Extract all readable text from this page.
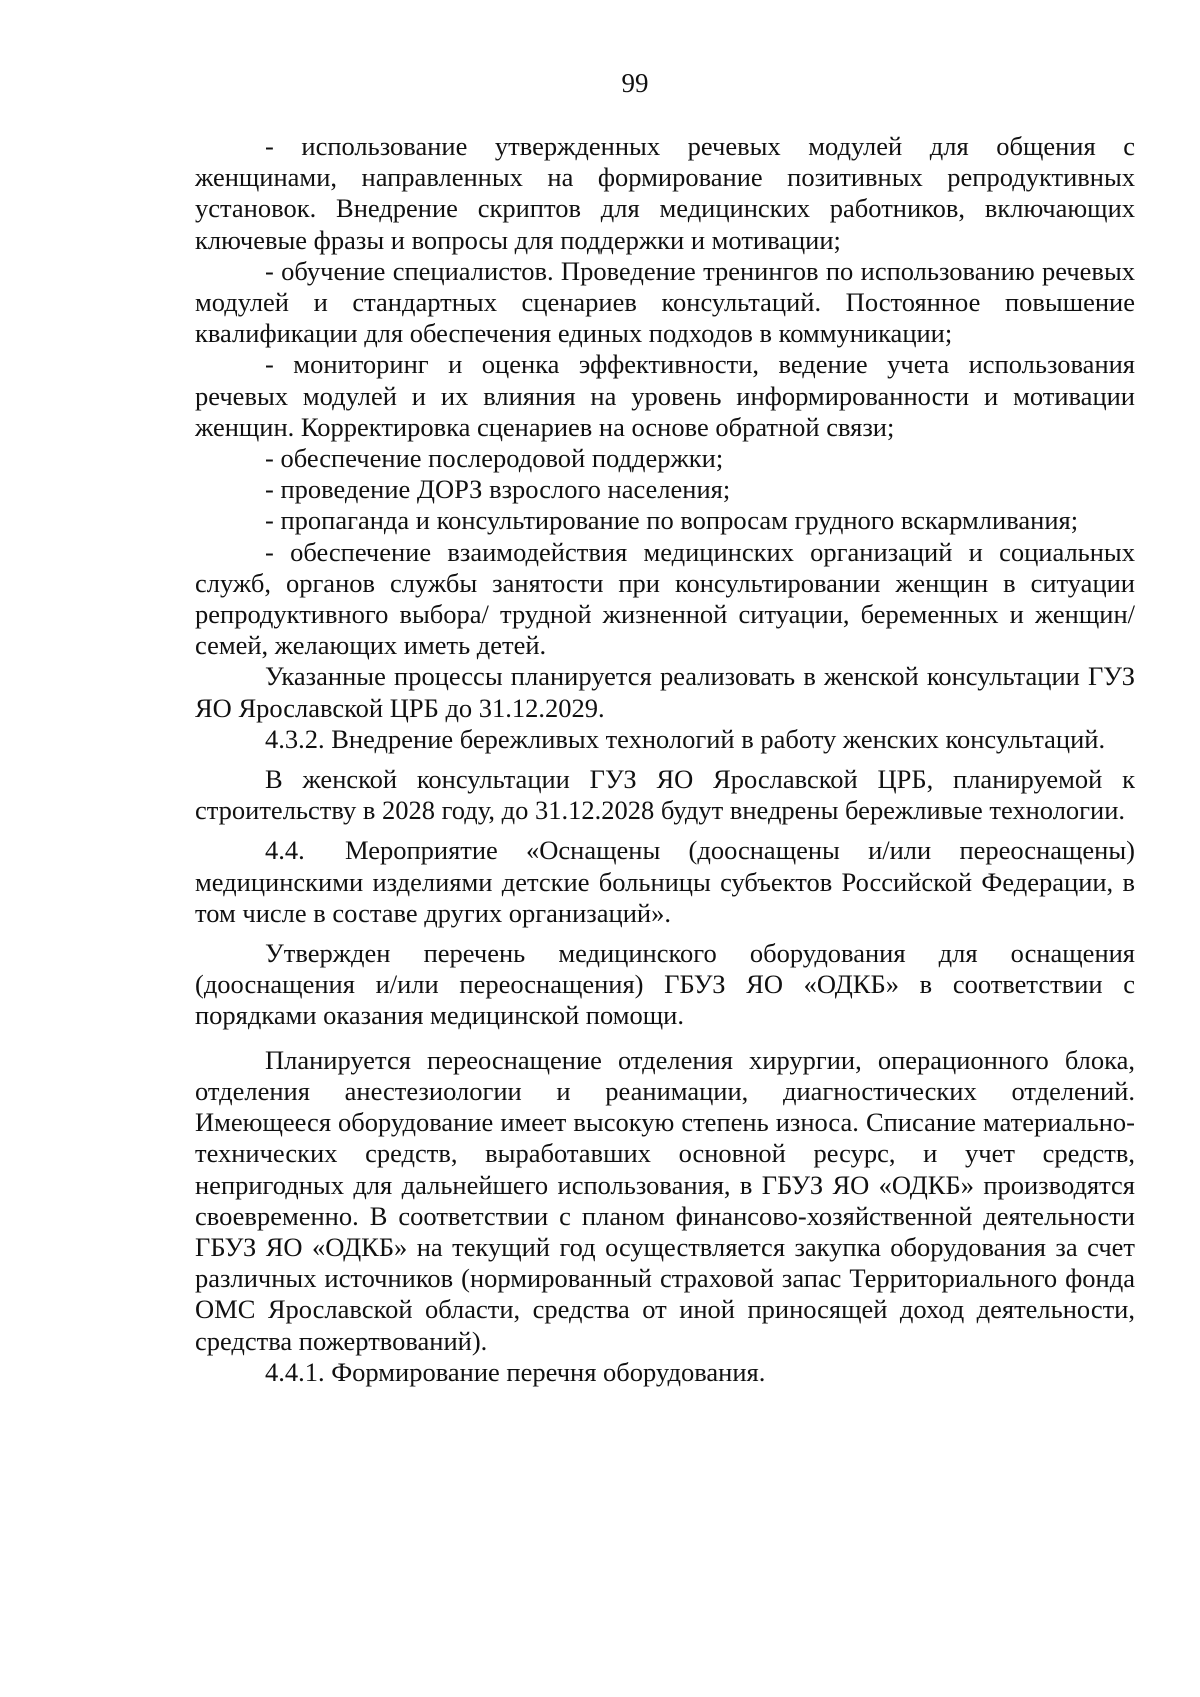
99

- использование утвержденных речевых модулей для общения с женщинами, направленных на формирование позитивных репродуктивных установок. Внедрение скриптов для медицинских работников, включающих ключевые фразы и вопросы для поддержки и мотивации;

- обучение специалистов. Проведение тренингов по использованию речевых модулей и стандартных сценариев консультаций. Постоянное повышение квалификации для обеспечения единых подходов в коммуникации;

- мониторинг и оценка эффективности, ведение учета использования речевых модулей и их влияния на уровень информированности и мотивации женщин. Корректировка сценариев на основе обратной связи;

- обеспечение послеродовой поддержки;

- проведение ДОРЗ взрослого населения;

- пропаганда и консультирование по вопросам грудного вскармливания;

- обеспечение взаимодействия медицинских организаций и социальных служб, органов службы занятости при консультировании женщин в ситуации репродуктивного выбора/ трудной жизненной ситуации, беременных и женщин/ семей, желающих иметь детей.

Указанные процессы планируется реализовать в женской консультации ГУЗ ЯО Ярославской ЦРБ до 31.12.2029.

4.3.2. Внедрение бережливых технологий в работу женских консультаций.

В женской консультации ГУЗ ЯО Ярославской ЦРБ, планируемой к строительству в 2028 году, до 31.12.2028 будут внедрены бережливые технологии.

4.4. Мероприятие «Оснащены (дооснащены и/или переоснащены) медицинскими изделиями детские больницы субъектов Российской Федерации, в том числе в составе других организаций».

Утвержден перечень медицинского оборудования для оснащения (дооснащения и/или переоснащения) ГБУЗ ЯО «ОДКБ» в соответствии с порядками оказания медицинской помощи.

Планируется переоснащение отделения хирургии, операционного блока, отделения анестезиологии и реанимации, диагностических отделений. Имеющееся оборудование имеет высокую степень износа. Списание материально-технических средств, выработавших основной ресурс, и учет средств, непригодных для дальнейшего использования, в ГБУЗ ЯО «ОДКБ» производятся своевременно. В соответствии с планом финансово-хозяйственной деятельности ГБУЗ ЯО «ОДКБ» на текущий год осуществляется закупка оборудования за счет различных источников (нормированный страховой запас Территориального фонда ОМС Ярославской области, средства от иной приносящей доход деятельности, средства пожертвований).

4.4.1. Формирование перечня оборудования.
